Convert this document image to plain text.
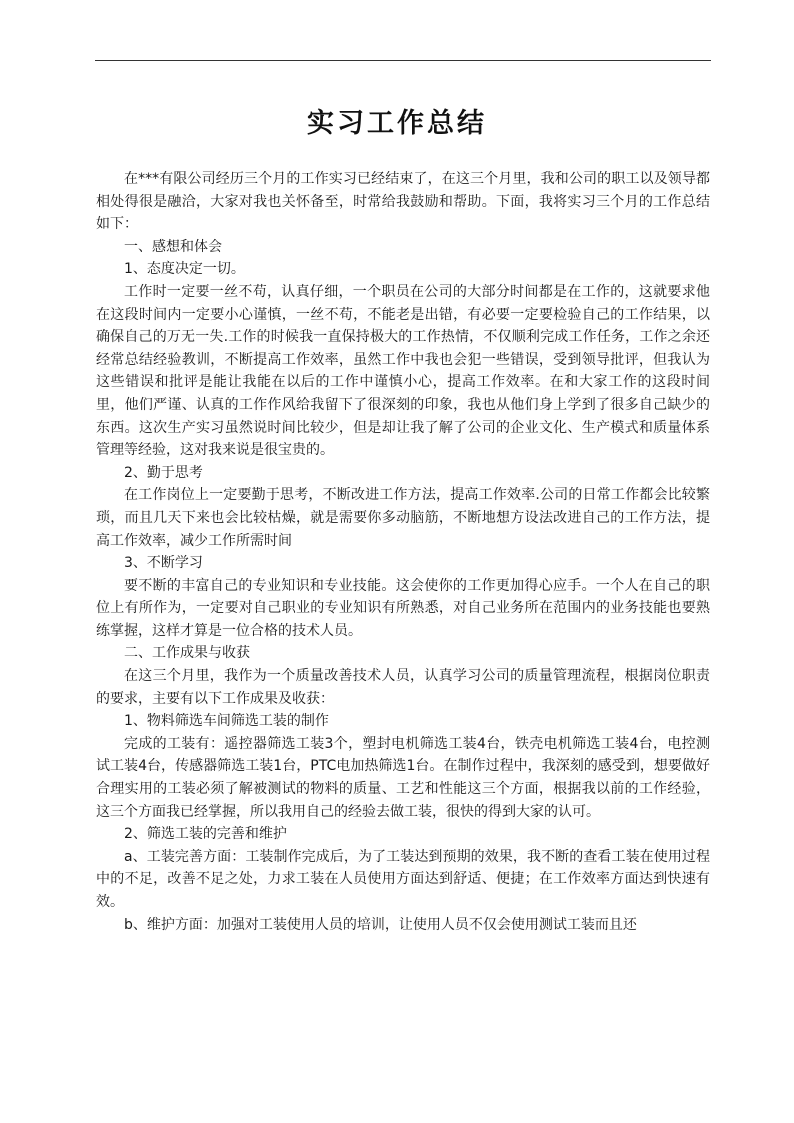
实习工作总结

在***有限公司经历三个月的工作实习已经结束了，在这三个月里，我和公司的职工以及领导都相处得很是融洽，大家对我也关怀备至，时常给我鼓励和帮助。下面，我将实习三个月的工作总结如下：

一、感想和体会

1、态度决定一切。

工作时一定要一丝不苟，认真仔细，一个职员在公司的大部分时间都是在工作的，这就要求他在这段时间内一定要小心谨慎，一丝不苟，不能老是出错，有必要一定要检验自己的工作结果，以确保自己的万无一失.工作的时候我一直保持极大的工作热情，不仅顺利完成工作任务，工作之余还经常总结经验教训，不断提高工作效率，虽然工作中我也会犯一些错误，受到领导批评，但我认为这些错误和批评是能让我能在以后的工作中谨慎小心，提高工作效率。在和大家工作的这段时间里，他们严谨、认真的工作作风给我留下了很深刻的印象，我也从他们身上学到了很多自己缺少的东西。这次生产实习虽然说时间比较少，但是却让我了解了公司的企业文化、生产模式和质量体系管理等经验，这对我来说是很宝贵的。

2、勤于思考

在工作岗位上一定要勤于思考，不断改进工作方法，提高工作效率.公司的日常工作都会比较繁琐，而且几天下来也会比较枯燥，就是需要你多动脑筋，不断地想方设法改进自己的工作方法，提高工作效率，减少工作所需时间

3、不断学习

要不断的丰富自己的专业知识和专业技能。这会使你的工作更加得心应手。一个人在自己的职位上有所作为，一定要对自己职业的专业知识有所熟悉，对自己业务所在范围内的业务技能也要熟练掌握，这样才算是一位合格的技术人员。

二、工作成果与收获

在这三个月里，我作为一个质量改善技术人员，认真学习公司的质量管理流程，根据岗位职责的要求，主要有以下工作成果及收获：

1、物料筛选车间筛选工装的制作

完成的工装有：遥控器筛选工装3个，塑封电机筛选工装4台，铁壳电机筛选工装4台，电控测试工装4台，传感器筛选工装1台，PTC电加热筛选1台。在制作过程中，我深刻的感受到，想要做好合理实用的工装必须了解被测试的物料的质量、工艺和性能这三个方面，根据我以前的工作经验，这三个方面我已经掌握，所以我用自己的经验去做工装，很快的得到大家的认可。

2、筛选工装的完善和维护

a、工装完善方面：工装制作完成后，为了工装达到预期的效果，我不断的查看工装在使用过程中的不足，改善不足之处，力求工装在人员使用方面达到舒适、便捷；在工作效率方面达到快速有效。

b、维护方面：加强对工装使用人员的培训，让使用人员不仅会使用测试工装而且还
